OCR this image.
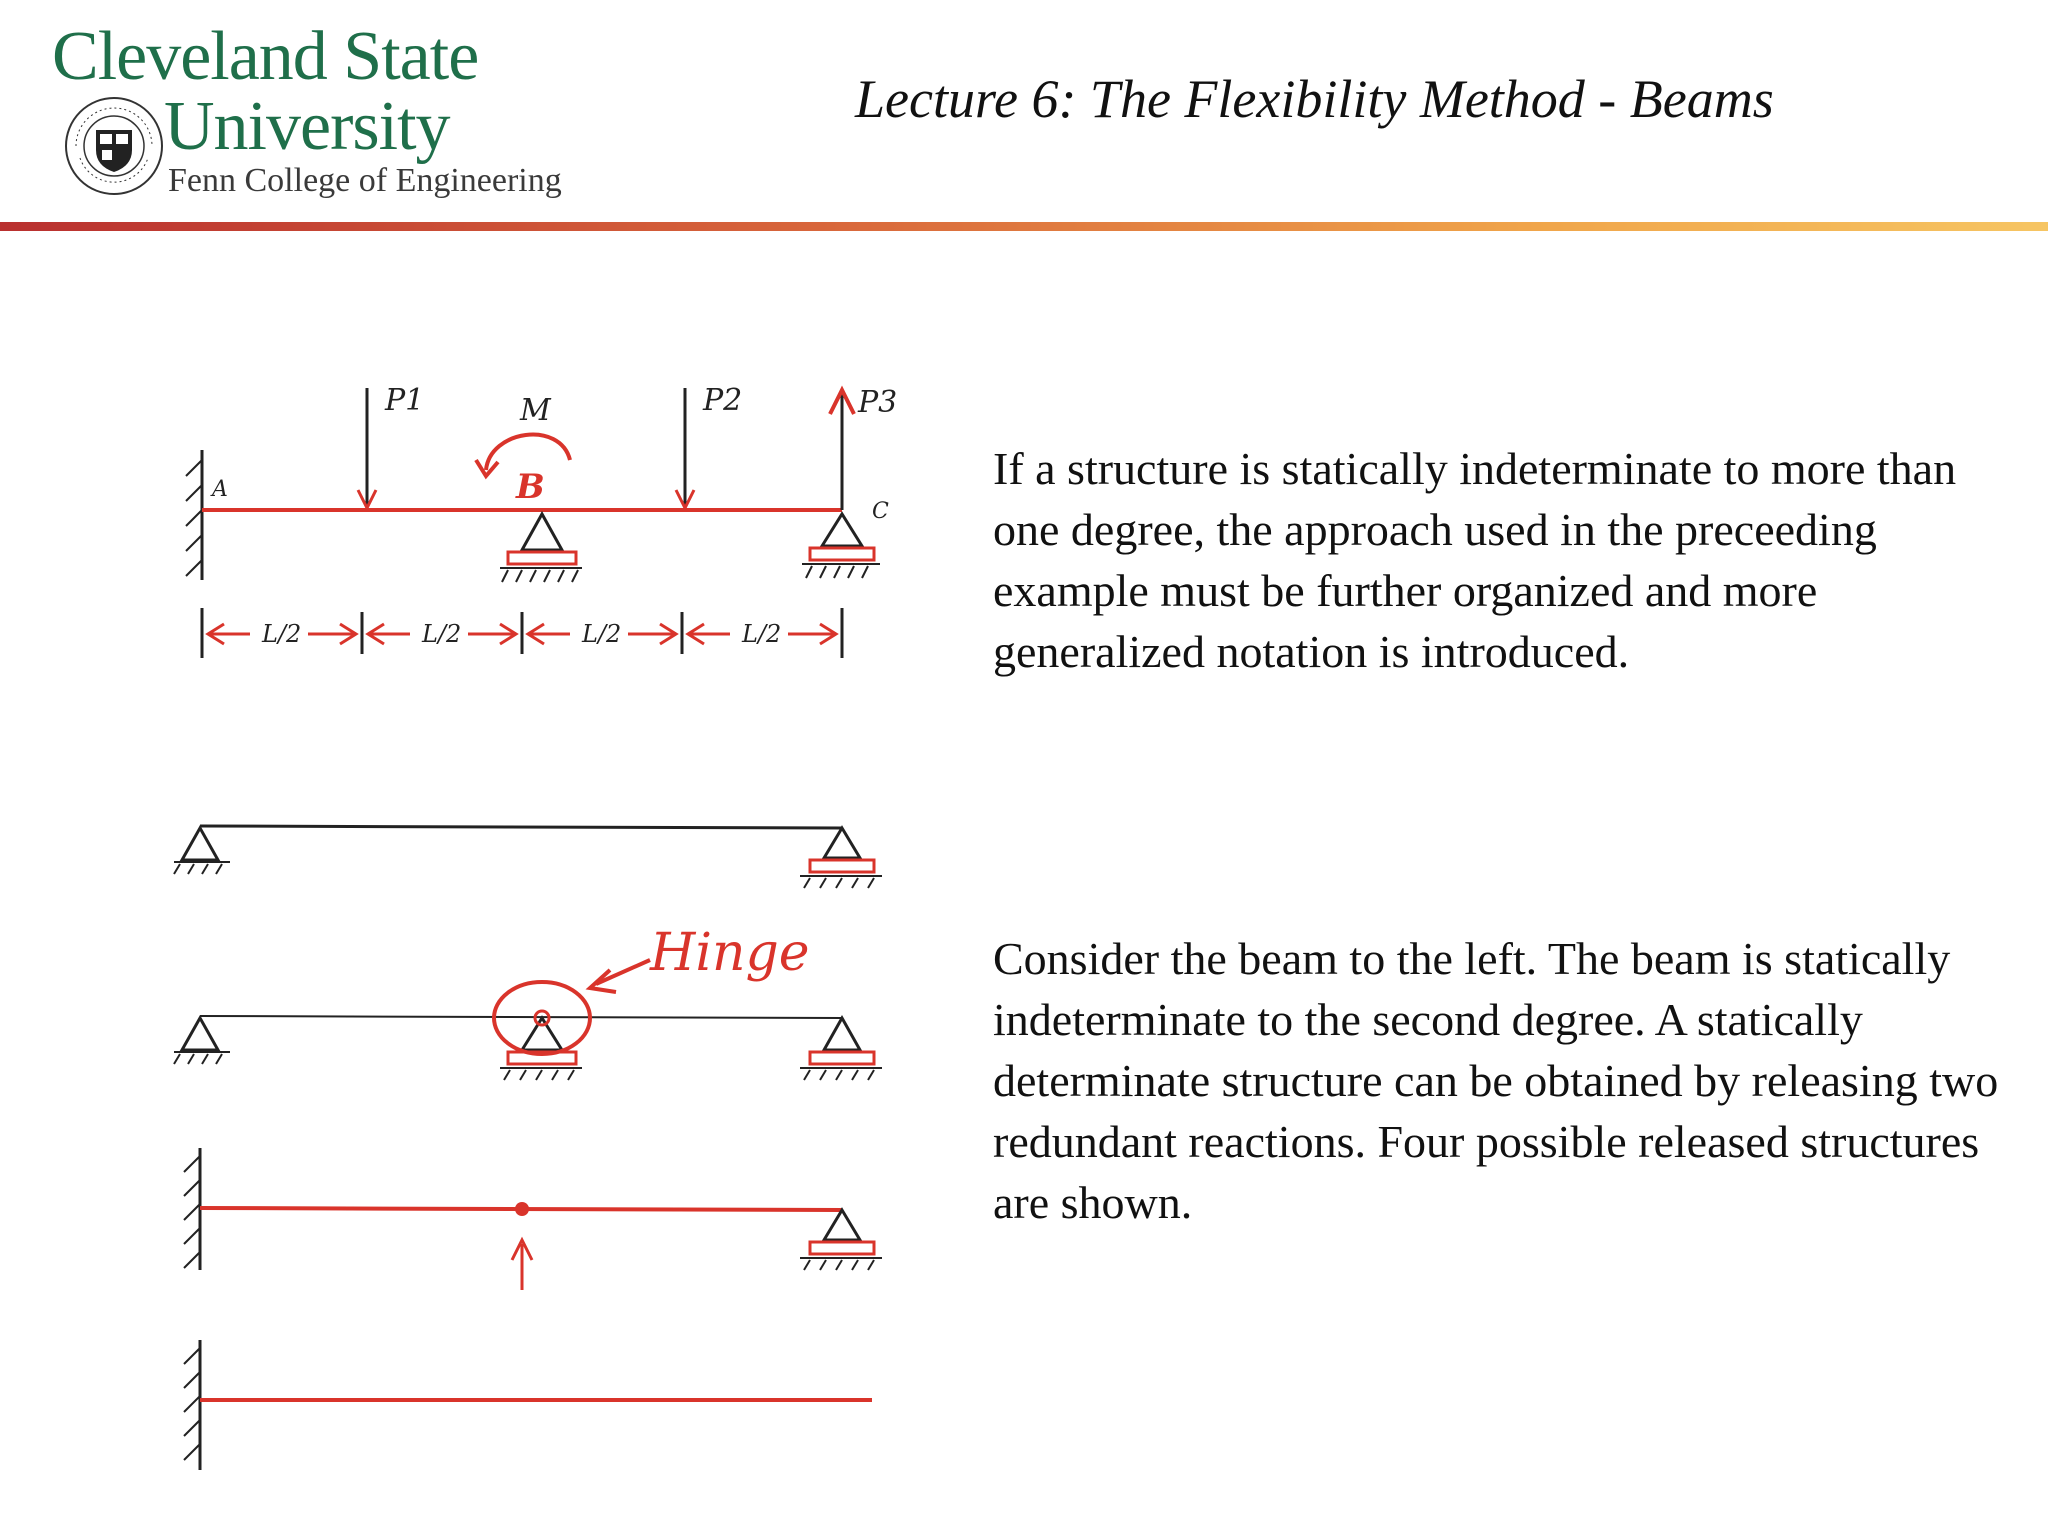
Cleveland State
University
Fenn College of Engineering
Lecture 6: The Flexibility Method - Beams
A
C
P1	M
B
P2	P3
L/2	L/2	L/2	L/2
Hinge

If a structure is statically indeterminate to more than one degree, the approach used in the preceeding example must be further organized and more generalized notation is introduced.

Consider the beam to the left. The beam is statically indeterminate to the second degree. A statically determinate structure can be obtained by releasing two redundant reactions. Four possible released structures are shown.
